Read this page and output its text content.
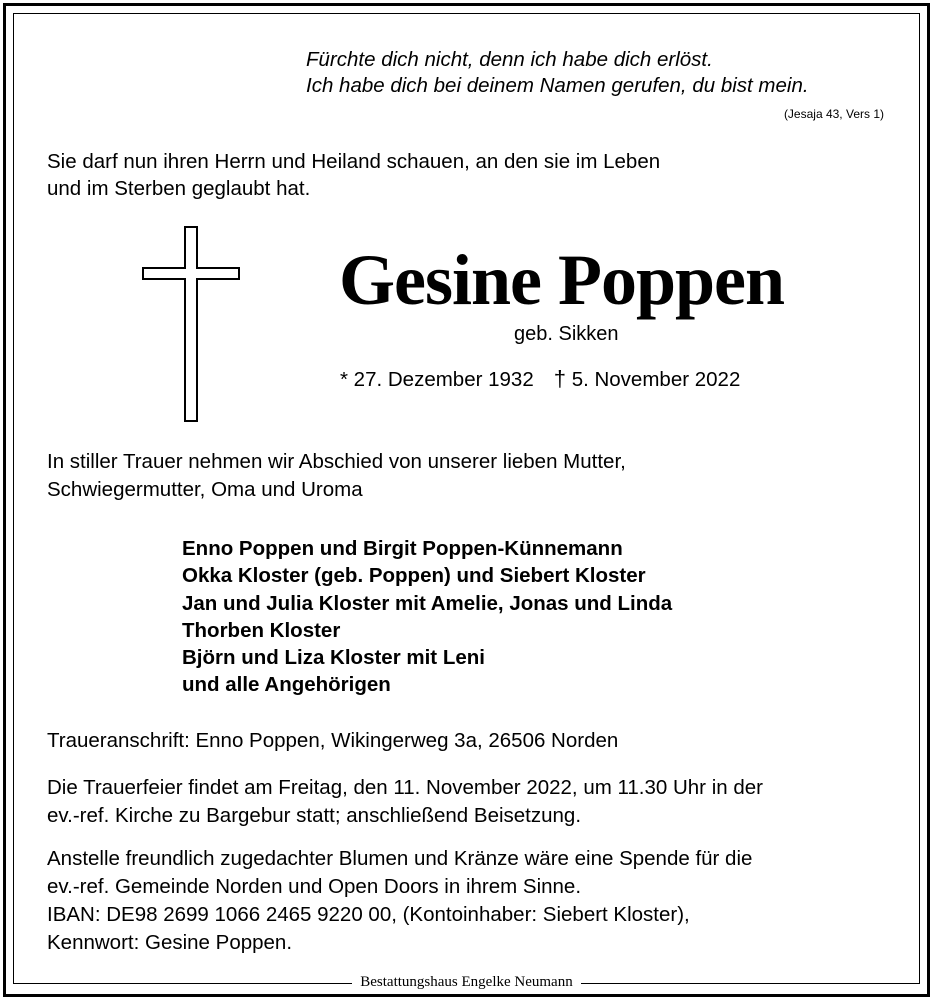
Fürchte dich nicht, denn ich habe dich erlöst.
Ich habe dich bei deinem Namen gerufen, du bist mein.
(Jesaja 43, Vers 1)
Sie darf nun ihren Herrn und Heiland schauen, an den sie im Leben
und im Sterben geglaubt hat.
Gesine Poppen
geb. Sikken
* 27. Dezember 1932 † 5. November 2022
In stiller Trauer nehmen wir Abschied von unserer lieben Mutter,
Schwiegermutter, Oma und Uroma
Enno Poppen und Birgit Poppen-Künnemann
Okka Kloster (geb. Poppen) und Siebert Kloster
Jan und Julia Kloster mit Amelie, Jonas und Linda
Thorben Kloster
Björn und Liza Kloster mit Leni
und alle Angehörigen
Traueranschrift: Enno Poppen, Wikingerweg 3a, 26506 Norden
Die Trauerfeier findet am Freitag, den 11. November 2022, um 11.30 Uhr in der
ev.-ref. Kirche zu Bargebur statt; anschließend Beisetzung.
Anstelle freundlich zugedachter Blumen und Kränze wäre eine Spende für die
ev.-ref. Gemeinde Norden und Open Doors in ihrem Sinne.
IBAN: DE98 2699 1066 2465 9220 00, (Kontoinhaber: Siebert Kloster),
Kennwort: Gesine Poppen.
Bestattungshaus Engelke Neumann
